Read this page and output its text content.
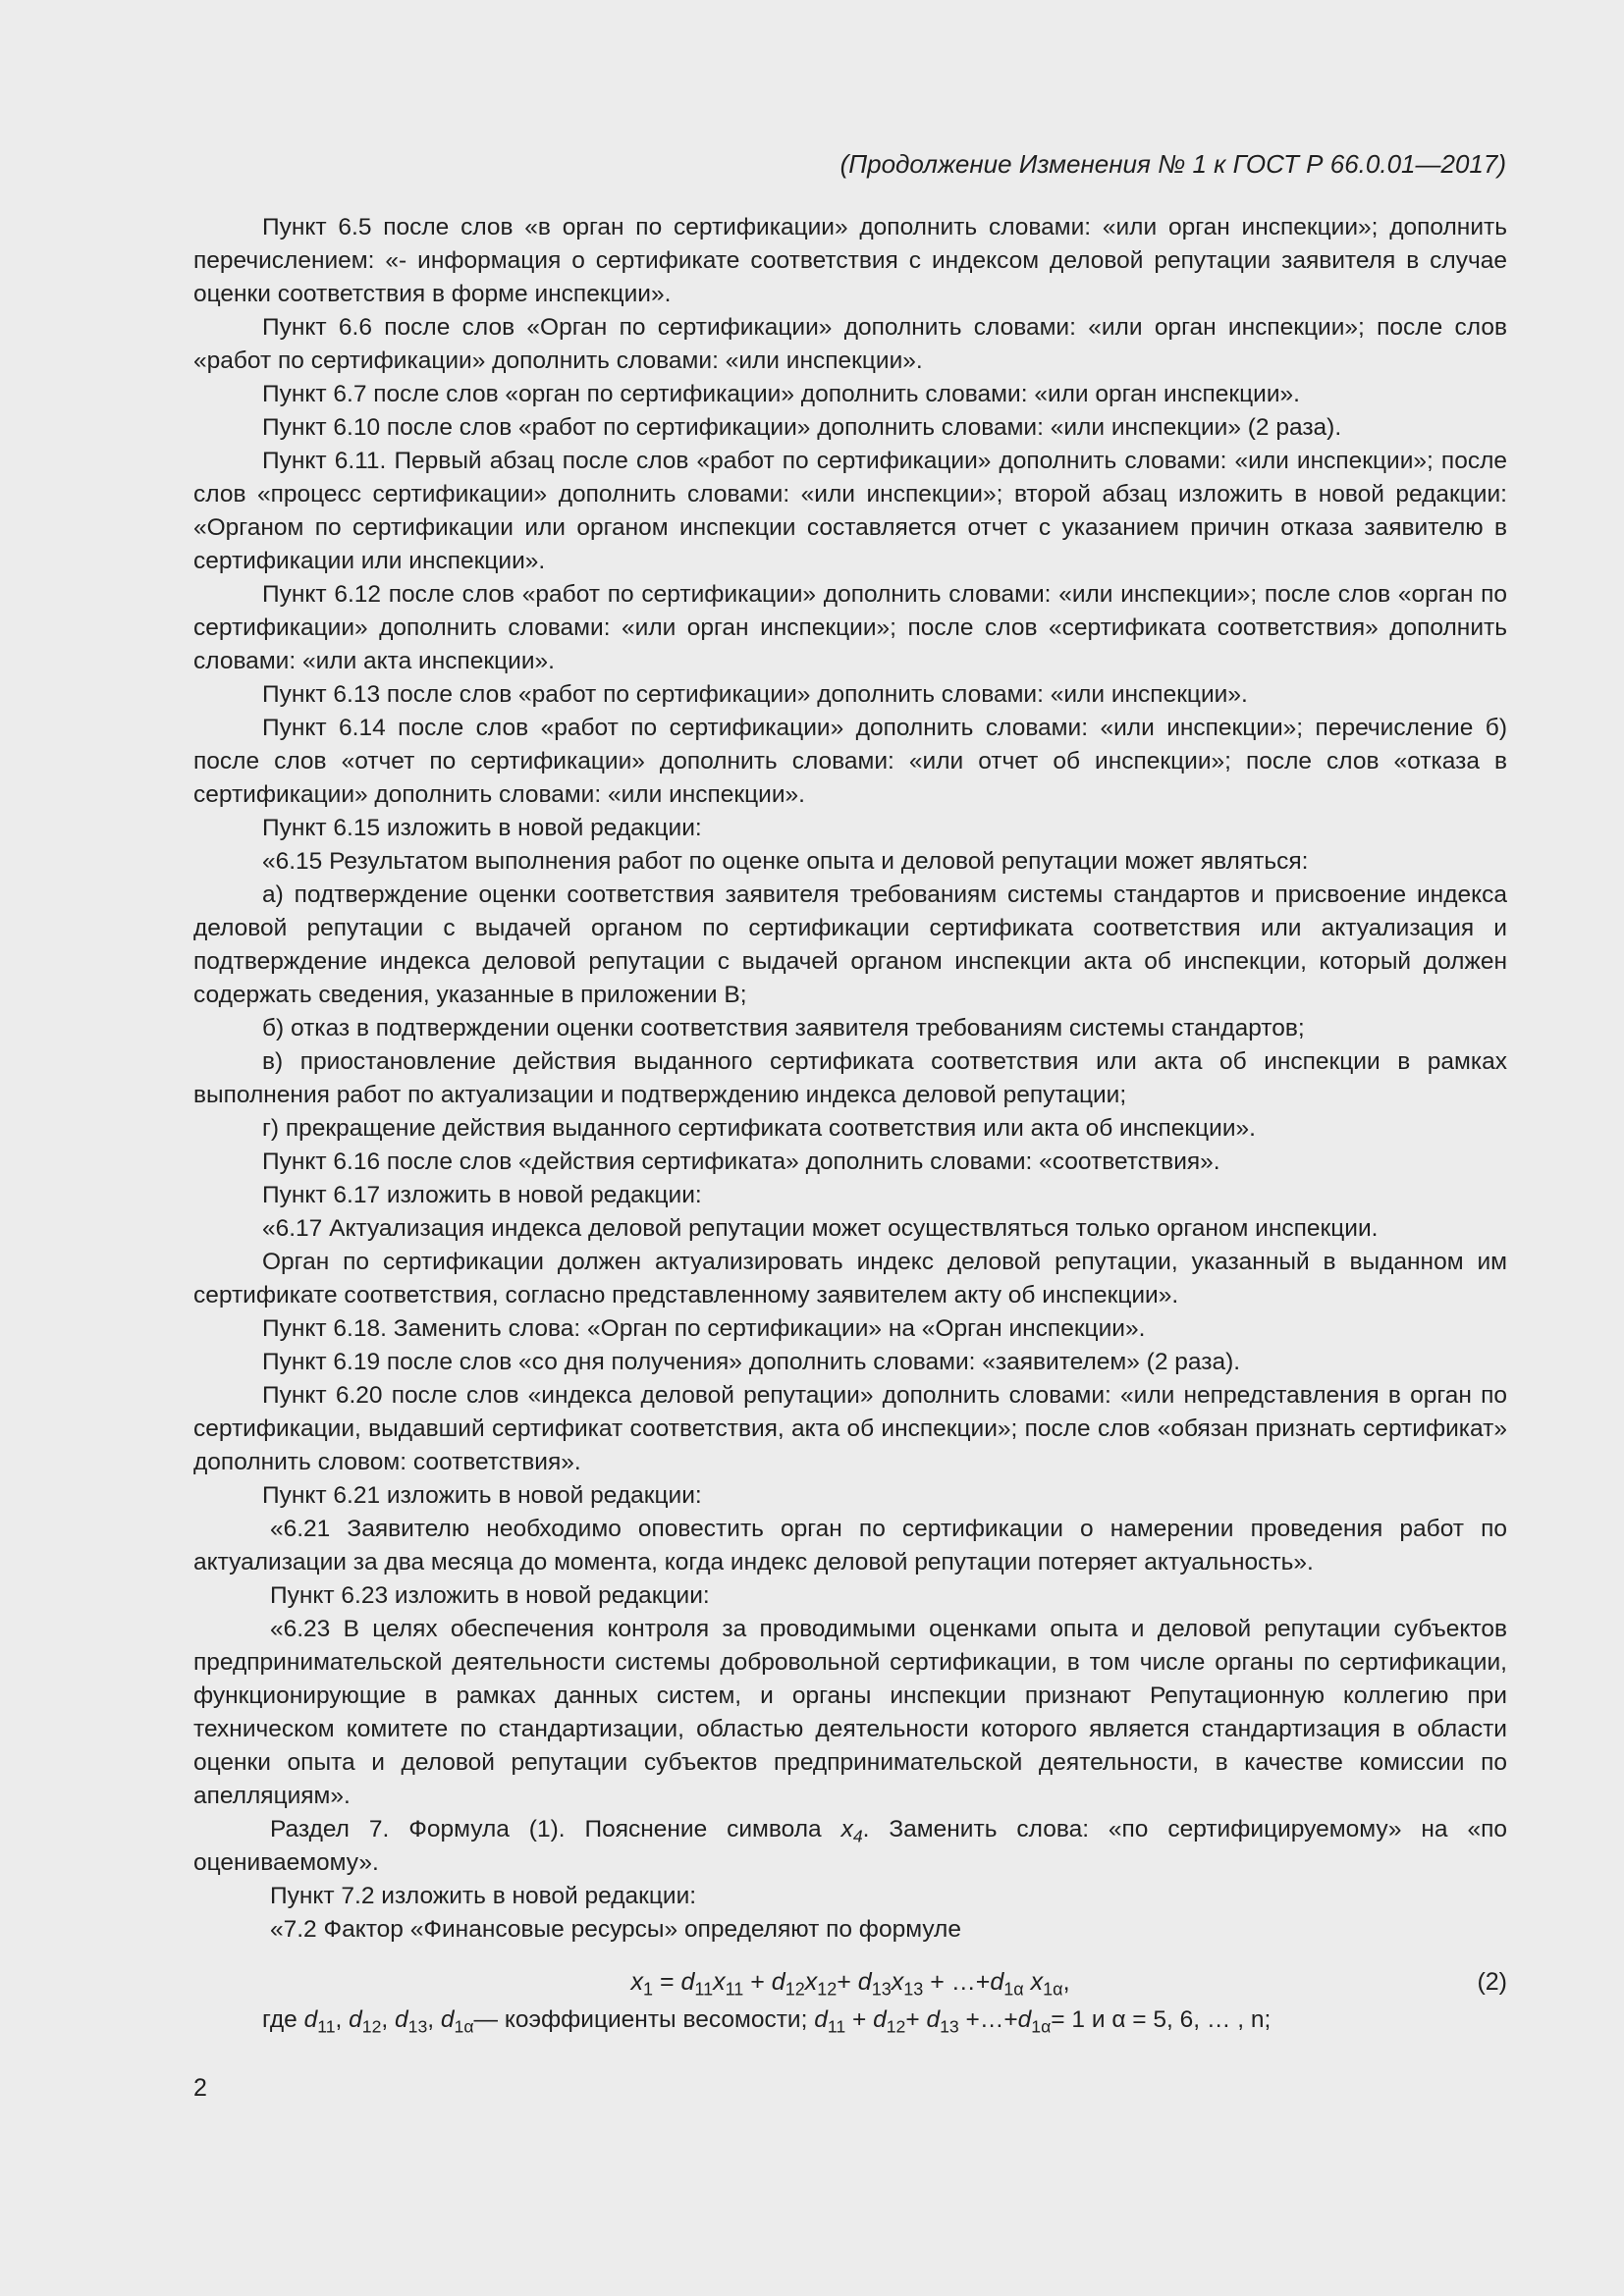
(Продолжение Изменения № 1 к ГОСТ Р 66.0.01—2017)

Пункт 6.5 после слов «в орган по сертификации» дополнить словами: «или орган инспекции»; дополнить перечислением: «- информация о сертификате соответствия с индексом деловой репутации заявителя в случае оценки соответствия в форме инспекции».

Пункт 6.6 после слов «Орган по сертификации» дополнить словами: «или орган инспекции»; после слов «работ по сертификации» дополнить словами: «или инспекции».

Пункт 6.7 после слов «орган по сертификации» дополнить словами: «или орган инспекции».

Пункт 6.10 после слов «работ по сертификации» дополнить словами: «или инспекции» (2 раза).

Пункт 6.11. Первый абзац после слов «работ по сертификации» дополнить словами: «или инспекции»; после слов «процесс сертификации» дополнить словами: «или инспекции»; второй абзац изложить в новой редакции: «Органом по сертификации или органом инспекции составляется отчет с указанием причин отказа заявителю в сертификации или инспекции».

Пункт 6.12 после слов «работ по сертификации» дополнить словами: «или инспекции»; после слов «орган по сертификации» дополнить словами: «или орган инспекции»; после слов «сертификата соответствия» дополнить словами: «или акта инспекции».

Пункт 6.13 после слов «работ по сертификации» дополнить словами: «или инспекции».

Пункт 6.14 после слов «работ по сертификации» дополнить словами: «или инспекции»; перечисление б) после слов «отчет по сертификации» дополнить словами: «или отчет об инспекции»; после слов «отказа в сертификации» дополнить словами: «или инспекции».

Пункт 6.15 изложить в новой редакции:

«6.15 Результатом выполнения работ по оценке опыта и деловой репутации может являться:

а) подтверждение оценки соответствия заявителя требованиям системы стандартов и присвоение индекса деловой репутации с выдачей органом по сертификации сертификата соответствия или актуализация и подтверждение индекса деловой репутации с выдачей органом инспекции акта об инспекции, который должен содержать сведения, указанные в приложении В;

б) отказ в подтверждении оценки соответствия заявителя требованиям системы стандартов;

в) приостановление действия выданного сертификата соответствия или акта об инспекции в рамках выполнения работ по актуализации и подтверждению индекса деловой репутации;

г) прекращение действия выданного сертификата соответствия или акта об инспекции».

Пункт 6.16 после слов «действия сертификата» дополнить словами: «соответствия».

Пункт 6.17 изложить в новой редакции:

«6.17 Актуализация индекса деловой репутации может осуществляться только органом инспекции.

Орган по сертификации должен актуализировать индекс деловой репутации, указанный в выданном им сертификате соответствия, согласно представленному заявителем акту об инспекции».

Пункт 6.18. Заменить слова: «Орган по сертификации» на «Орган инспекции».

Пункт 6.19 после слов «со дня получения» дополнить словами: «заявителем» (2 раза).

Пункт 6.20 после слов «индекса деловой репутации» дополнить словами: «или непредставления в орган по сертификации, выдавший сертификат соответствия, акта об инспекции»; после слов «обязан признать сертификат» дополнить словом: соответствия».

Пункт 6.21 изложить в новой редакции:

«6.21 Заявителю необходимо оповестить орган по сертификации о намерении проведения работ по актуализации за два месяца до момента, когда индекс деловой репутации потеряет актуальность».

Пункт 6.23 изложить в новой редакции:

«6.23 В целях обеспечения контроля за проводимыми оценками опыта и деловой репутации субъектов предпринимательской деятельности системы добровольной сертификации, в том числе органы по сертификации, функционирующие в рамках данных систем, и органы инспекции признают Репутационную коллегию при техническом комитете по стандартизации, областью деятельности которого является стандартизация в области оценки опыта и деловой репутации субъектов предпринимательской деятельности, в качестве комиссии по апелляциям».

Раздел 7. Формула (1). Пояснение символа $x_4$. Заменить слова: «по сертифицируемому» на «по оцениваемому».

Пункт 7.2 изложить в новой редакции:

«7.2 Фактор «Финансовые ресурсы» определяют по формуле

$x_1 = d_{11}x_{11} + d_{12}x_{12}+ d_{13}x_{13}$ + $\dots+d_{1\alpha}$ $x_{1\alpha}$,	(2)

где $d_{11}$, $d_{12}$, $d_{13}$, $d_{1\alpha}—$ коэффициенты весомости; $d_{11} + d_{12}+ d_{13}$ $+\dots+d_{1\alpha}= 1$ и α = 5, 6, … , n;

2
